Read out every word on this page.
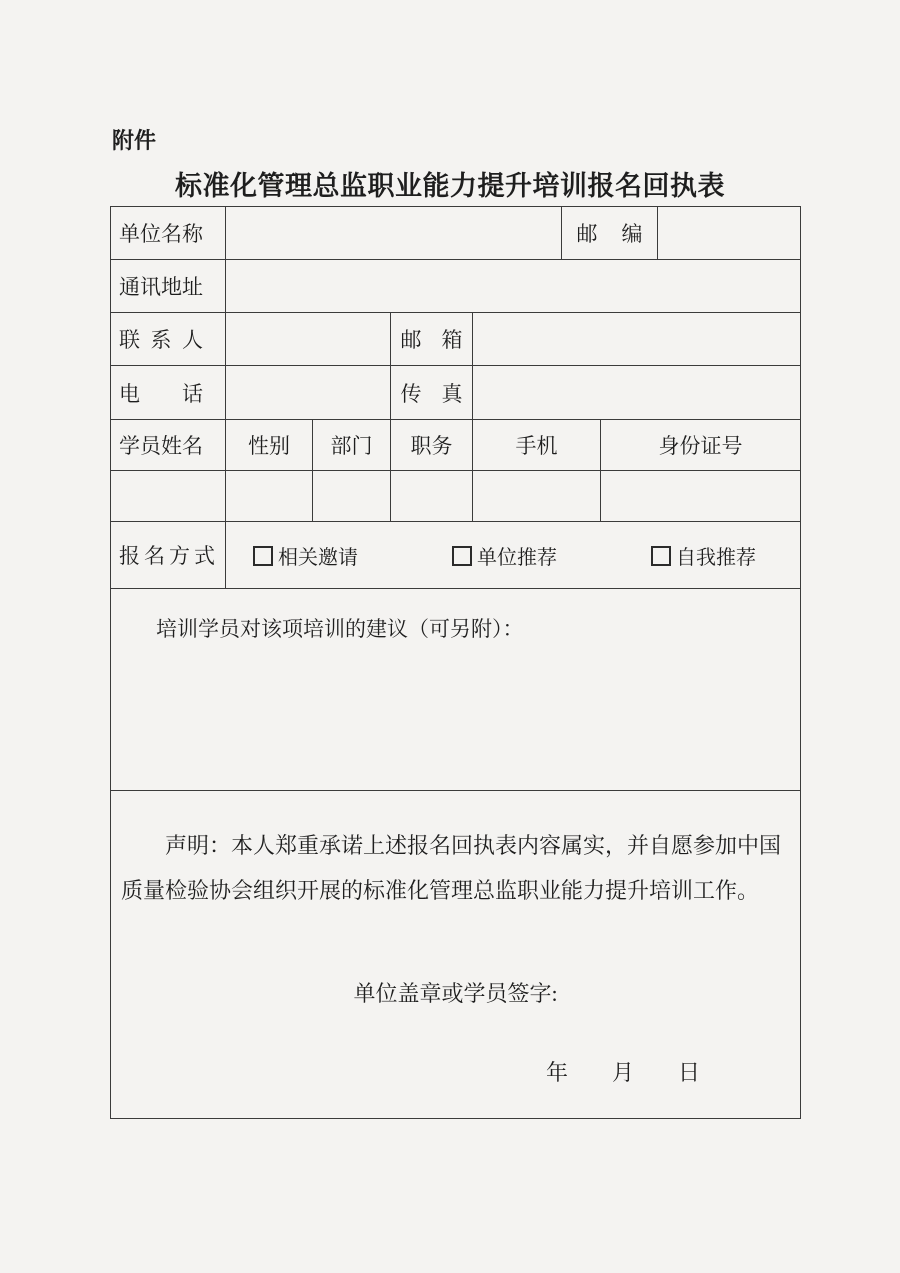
附件
标准化管理总监职业能力提升培训报名回执表
单位名称					邮编		
通讯地址							
联系人			邮箱				
电话			传真				
学员姓名	性别	部门	职务	手机		身份证号	

报名方式	相关邀请 单位推荐 自我推荐						

培训学员对该项培训的建议（可另附）：							

声明：本人郑重承诺上述报名回执表内容属实，并自愿参加中国质量检验协会组织开展的标准化管理总监职业能力提升培训工作。

单位盖章或学员签字:
年　　月　　日							
